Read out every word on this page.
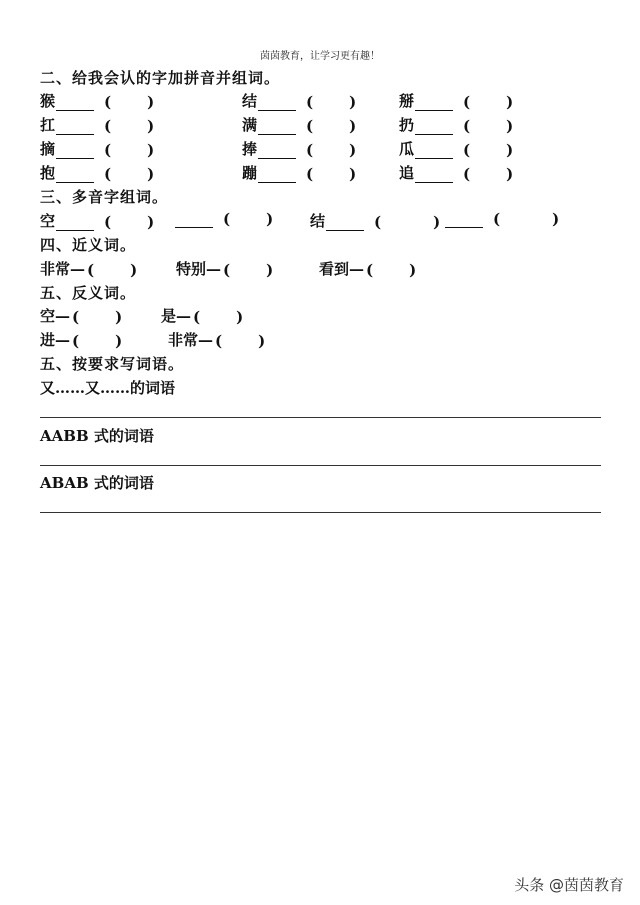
茵茵教育，让学习更有趣！
二、给我会认的字加拼音并组词。
猴	( )	结	( )	掰	( )
扛	( )	满	( )	扔	( )
摘	( )	捧	( )	瓜	( )
抱	( )	蹦	( )	追	( )
三、多音字组词。
空	( )	( ) 结	(	)	(	)
四、近义词。
非常— ( )	特别— ( )	看到— ( )
五、反义词。
空— ( )	是— ( )
进— ( )	非常— ( )
五、按要求写词语。
又……又……的词语
AABB 式的词语
ABAB 式的词语
头条 @茵茵教育
